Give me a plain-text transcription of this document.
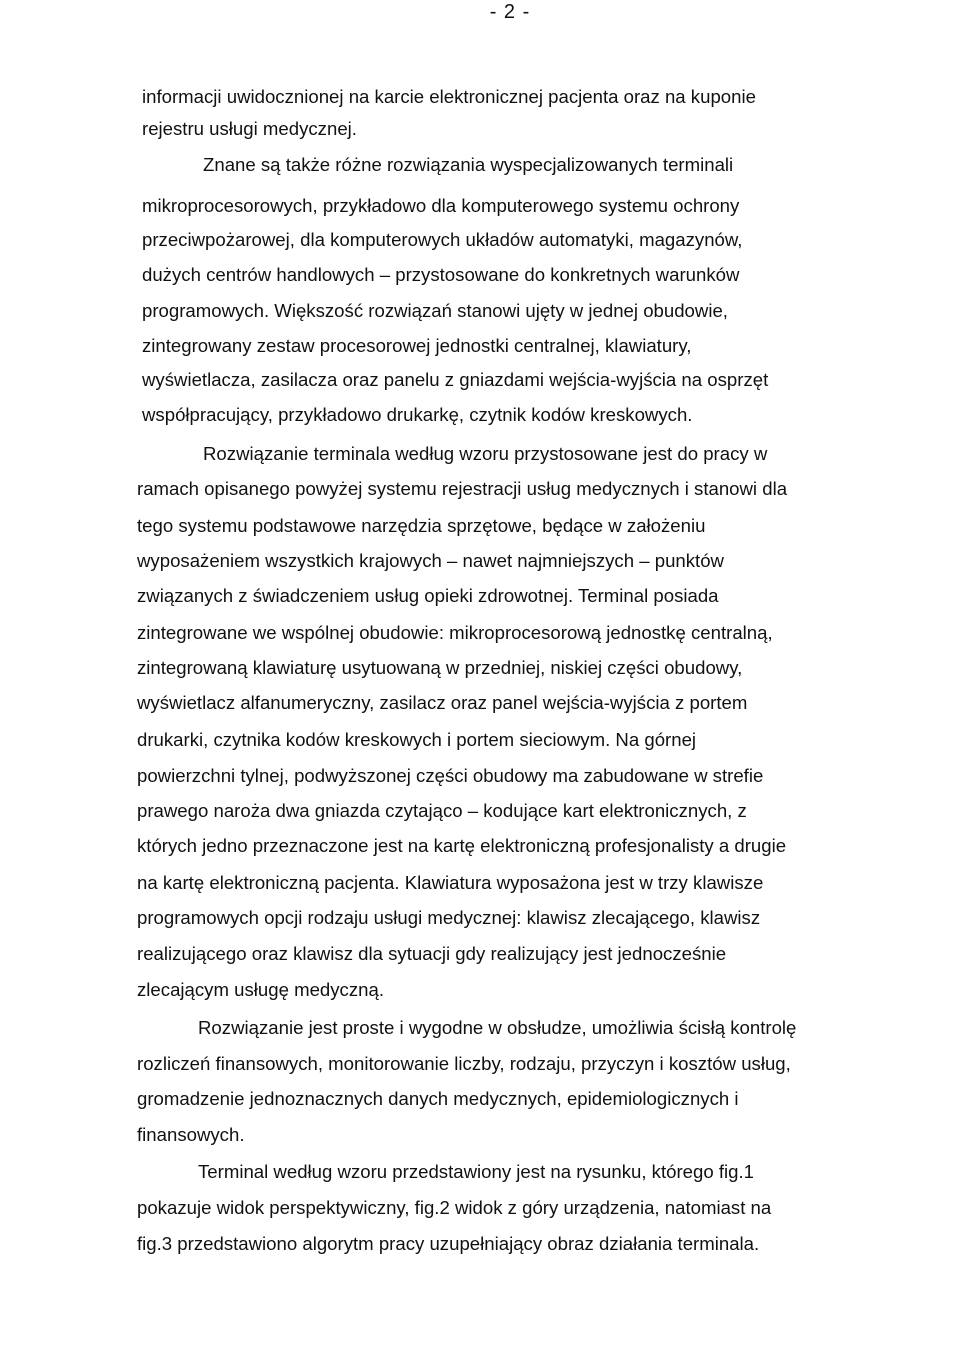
- 2 -
informacji uwidocznionej na karcie elektronicznej pacjenta oraz na kuponie
rejestru usługi medycznej.
Znane są także różne rozwiązania wyspecjalizowanych terminali
mikroprocesorowych, przykładowo dla komputerowego systemu ochrony
przeciwpożarowej, dla komputerowych układów automatyki, magazynów,
dużych centrów handlowych – przystosowane do konkretnych warunków
programowych. Większość rozwiązań stanowi ujęty w jednej obudowie,
zintegrowany zestaw procesorowej jednostki centralnej, klawiatury,
wyświetlacza, zasilacza oraz panelu z gniazdami wejścia-wyjścia na osprzęt
współpracujący, przykładowo drukarkę, czytnik kodów kreskowych.
Rozwiązanie terminala według wzoru przystosowane jest do pracy w
ramach opisanego powyżej systemu rejestracji usług medycznych i stanowi dla
tego systemu podstawowe narzędzia sprzętowe, będące w założeniu
wyposażeniem wszystkich krajowych – nawet najmniejszych – punktów
związanych z świadczeniem usług opieki zdrowotnej. Terminal posiada
zintegrowane we wspólnej obudowie: mikroprocesorową jednostkę centralną,
zintegrowaną klawiaturę usytuowaną w przedniej, niskiej części obudowy,
wyświetlacz alfanumeryczny, zasilacz oraz panel wejścia-wyjścia z portem
drukarki, czytnika kodów kreskowych i portem sieciowym. Na górnej
powierzchni tylnej, podwyższonej części obudowy ma zabudowane w strefie
prawego naroża dwa gniazda czytająco – kodujące kart elektronicznych, z
których jedno przeznaczone jest na kartę elektroniczną profesjonalisty a drugie
na kartę elektroniczną pacjenta. Klawiatura wyposażona jest w trzy klawisze
programowych opcji rodzaju usługi medycznej: klawisz zlecającego, klawisz
realizującego oraz klawisz dla sytuacji gdy realizujący jest jednocześnie
zlecającym usługę medyczną.
Rozwiązanie jest proste i wygodne w obsłudze, umożliwia ścisłą kontrolę
rozliczeń finansowych, monitorowanie liczby, rodzaju, przyczyn i kosztów usług,
gromadzenie jednoznacznych danych medycznych, epidemiologicznych i
finansowych.
Terminal według wzoru przedstawiony jest na rysunku, którego fig.1
pokazuje widok perspektywiczny, fig.2 widok z góry urządzenia, natomiast na
fig.3 przedstawiono algorytm pracy uzupełniający obraz działania terminala.
